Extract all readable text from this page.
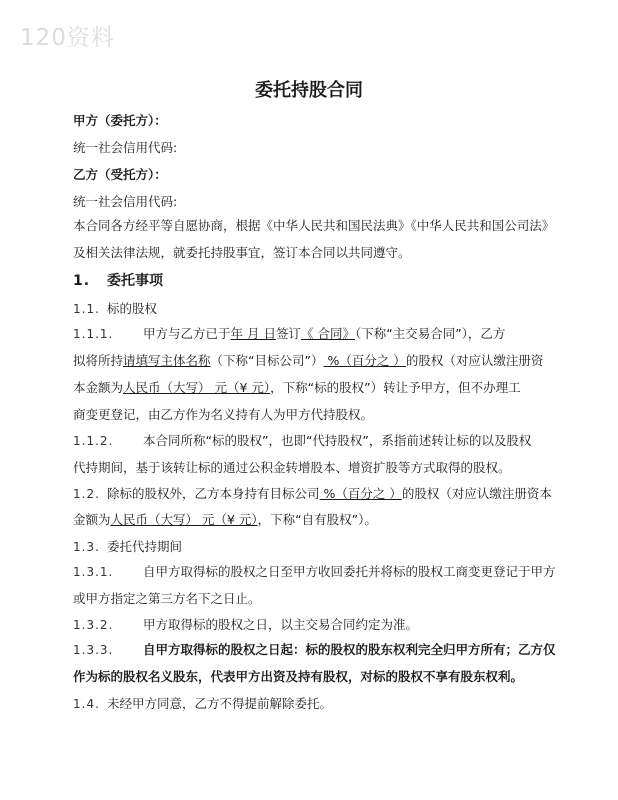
120资料
委托持股合同
甲方（委托方）：
统一社会信用代码:
乙方（受托方）：
统一社会信用代码:
本合同各方经平等自愿协商，根据《中华人民共和国民法典》《中华人民共和国公司法》
及相关法律法规，就委托持股事宜，签订本合同以共同遵守。
1. 委托事项
1.1. 标的股权
1.1.1. 甲方与乙方已于年 月 日签订《 合同》（下称“主交易合同”），乙方
拟将所持请填写主体名称（下称“目标公司”） %（百分之 ）的股权（对应认缴注册资
本金额为人民币（大写） 元（¥ 元），下称“标的股权”）转让予甲方，但不办理工
商变更登记，由乙方作为名义持有人为甲方代持股权。
1.1.2. 本合同所称“标的股权”，也即“代持股权”，系指前述转让标的以及股权
代持期间，基于该转让标的通过公积金转增股本、增资扩股等方式取得的股权。
1.2. 除标的股权外，乙方本身持有目标公司 %（百分之 ）的股权（对应认缴注册资本
金额为人民币（大写） 元（¥ 元），下称“自有股权”）。
1.3. 委托代持期间
1.3.1. 自甲方取得标的股权之日至甲方收回委托并将标的股权工商变更登记于甲方
或甲方指定之第三方名下之日止。
1.3.2. 甲方取得标的股权之日，以主交易合同约定为准。
1.3.3. 自甲方取得标的股权之日起：标的股权的股东权利完全归甲方所有；乙方仅
作为标的股权名义股东，代表甲方出资及持有股权，对标的股权不享有股东权利。
1.4. 未经甲方同意，乙方不得提前解除委托。
